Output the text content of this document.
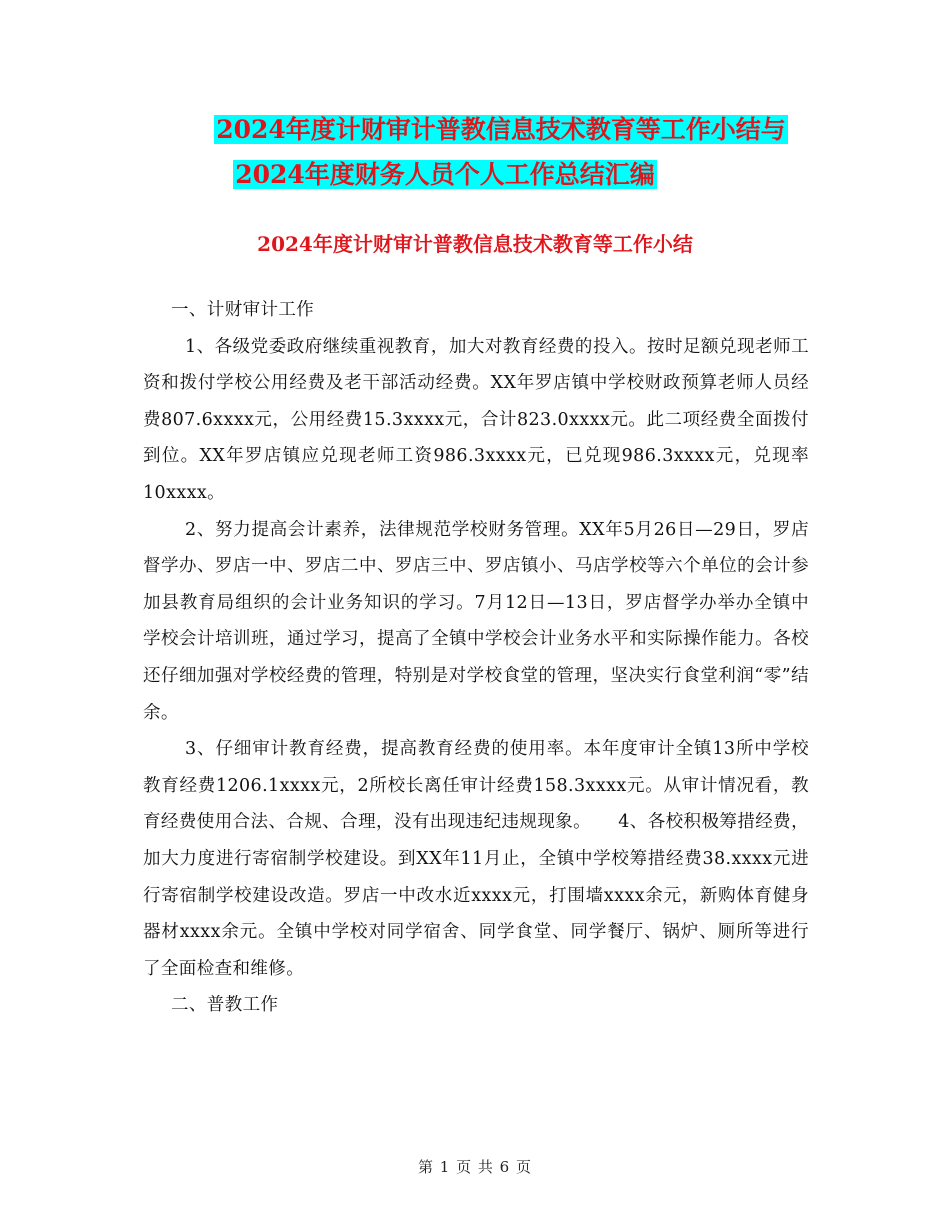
2024年度计财审计普教信息技术教育等工作小结与
2024年度财务人员个人工作总结汇编
2024年度计财审计普教信息技术教育等工作小结

一、计财审计工作

1、各级党委政府继续重视教育，加大对教育经费的投入。按时足额兑现老师工资和拨付学校公用经费及老干部活动经费。XX年罗店镇中学校财政预算老师人员经费807.6xxxx元，公用经费15.3xxxx元，合计823.0xxxx元。此二项经费全面拨付到位。XX年罗店镇应兑现老师工资986.3xxxx元，已兑现986.3xxxx元，兑现率10xxxx。

2、努力提高会计素养，法律规范学校财务管理。XX年5月26日—29日，罗店督学办、罗店一中、罗店二中、罗店三中、罗店镇小、马店学校等六个单位的会计参加县教育局组织的会计业务知识的学习。7月12日—13日，罗店督学办举办全镇中学校会计培训班，通过学习，提高了全镇中学校会计业务水平和实际操作能力。各校还仔细加强对学校经费的管理，特别是对学校食堂的管理，坚决实行食堂利润“零”结余。

3、仔细审计教育经费，提高教育经费的使用率。本年度审计全镇13所中学校教育经费1206.1xxxx元，2所校长离任审计经费158.3xxxx元。从审计情况看，教育经费使用合法、合规、合理，没有出现违纪违规现象。　　4、各校积极筹措经费，加大力度进行寄宿制学校建设。到XX年11月止，全镇中学校筹措经费38.xxxx元进行寄宿制学校建设改造。罗店一中改水近xxxx元，打围墙xxxx余元，新购体育健身器材xxxx余元。全镇中学校对同学宿舍、同学食堂、同学餐厅、锅炉、厕所等进行了全面检查和维修。

二、普教工作

第 1 页 共 6 页
